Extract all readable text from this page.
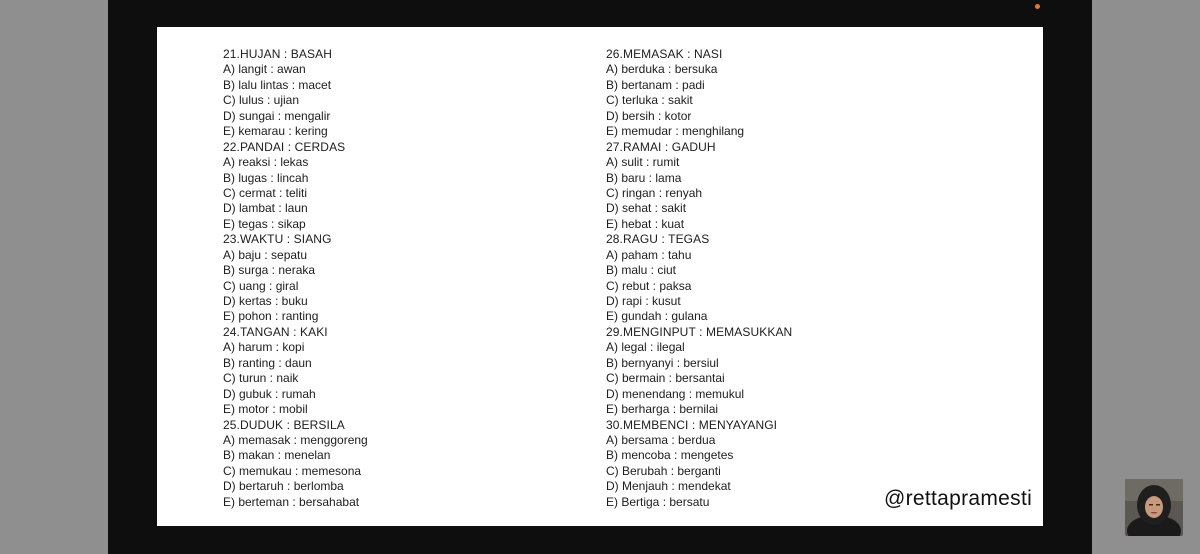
21.HUJAN : BASAH
A) langit : awan
B) lalu lintas : macet
C) lulus : ujian
D) sungai : mengalir
E) kemarau : kering
22.PANDAI : CERDAS
A) reaksi : lekas
B) lugas : lincah
C) cermat : teliti
D) lambat : laun
E) tegas : sikap
23.WAKTU : SIANG
A) baju : sepatu
B) surga : neraka
C) uang : giral
D) kertas : buku
E) pohon : ranting
24.TANGAN : KAKI
A) harum : kopi
B) ranting : daun
C) turun : naik
D) gubuk : rumah
E) motor : mobil
25.DUDUK : BERSILA
A) memasak : menggoreng
B) makan : menelan
C) memukau : memesona
D) bertaruh : berlomba
E) berteman : bersahabat
26.MEMASAK : NASI
A) berduka : bersuka
B) bertanam : padi
C) terluka : sakit
D) bersih : kotor
E) memudar : menghilang
27.RAMAI : GADUH
A) sulit : rumit
B) baru : lama
C) ringan : renyah
D) sehat : sakit
E) hebat : kuat
28.RAGU : TEGAS
A) paham : tahu
B) malu : ciut
C) rebut : paksa
D) rapi : kusut
E) gundah : gulana
29.MENGINPUT : MEMASUKKAN
A) legal : ilegal
B) bernyanyi : bersiul
C) bermain : bersantai
D) menendang : memukul
E) berharga : bernilai
30.MEMBENCI : MENYAYANGI
A) bersama : berdua
B) mencoba : mengetes
C) Berubah : berganti
D) Menjauh : mendekat
E) Bertiga : bersatu	@rettapramesti
